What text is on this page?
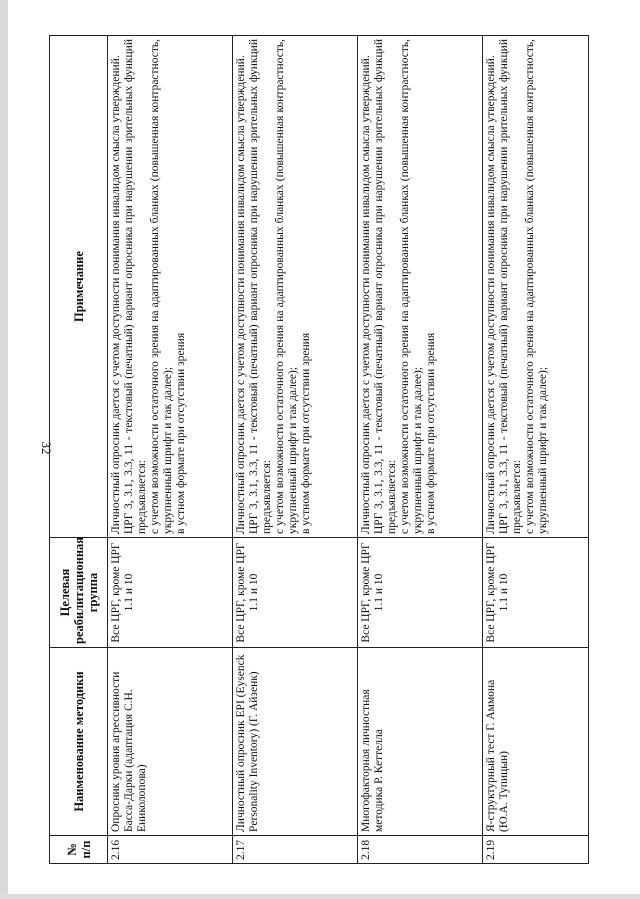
32
№ п/п	Наименование методики	Целевая реабилитационная группа	Примечание
2.16	Опросник уровня агрессивности Басса-Дарки (адаптация С.Н. Ениколопова)	Все ЦРГ, кроме ЦРГ 1.1 и 10	Личностный опросник дается с учетом доступности понимания инвалидом смысла утверждений. ЦРГ 3, 3.1, 3.3, 11 - текстовый (печатный) вариант опросника при нарушении зрительных функций предъявляется: с учетом возможности остаточного зрения на адаптированных бланках (повышенная контрастность, укрупненный шрифт и так далее); в устном формате при отсутствии зрения

2.17	Личностный опросник EPI (Eysenck Personality Inventory) (Г. Айзенк)	Все ЦРГ, кроме ЦРГ 1.1 и 10	Личностный опросник дается с учетом доступности понимания инвалидом смысла утверждений. ЦРГ 3, 3.1, 3.3, 11 - текстовый (печатный) вариант опросника при нарушении зрительных функций предъявляется: с учетом возможности остаточного зрения на адаптированных бланках (повышенная контрастность, укрупненный шрифт и так далее); в устном формате при отсутствии зрения

2.18	Многофакторная личностная методика Р. Кеттелла	Все ЦРГ, кроме ЦРГ 1.1 и 10	Личностный опросник дается с учетом доступности понимания инвалидом смысла утверждений. ЦРГ 3, 3.1, 3.3, 11 - текстовый (печатный) вариант опросника при нарушении зрительных функций предъявляется: с учетом возможности остаточного зрения на адаптированных бланках (повышенная контрастность, укрупненный шрифт и так далее); в устном формате при отсутствии зрения

2.19	Я-структурный тест Г. Аммона (Ю.А. Тупицын)	Все ЦРГ, кроме ЦРГ 1.1 и 10	Личностный опросник дается с учетом доступности понимания инвалидом смысла утверждений. ЦРГ 3, 3.1, 3.3, 11 - текстовый (печатный) вариант опросника при нарушении зрительных функций предъявляется: с учетом возможности остаточного зрения на адаптированных бланках (повышенная контрастность, укрупненный шрифт и так далее);
